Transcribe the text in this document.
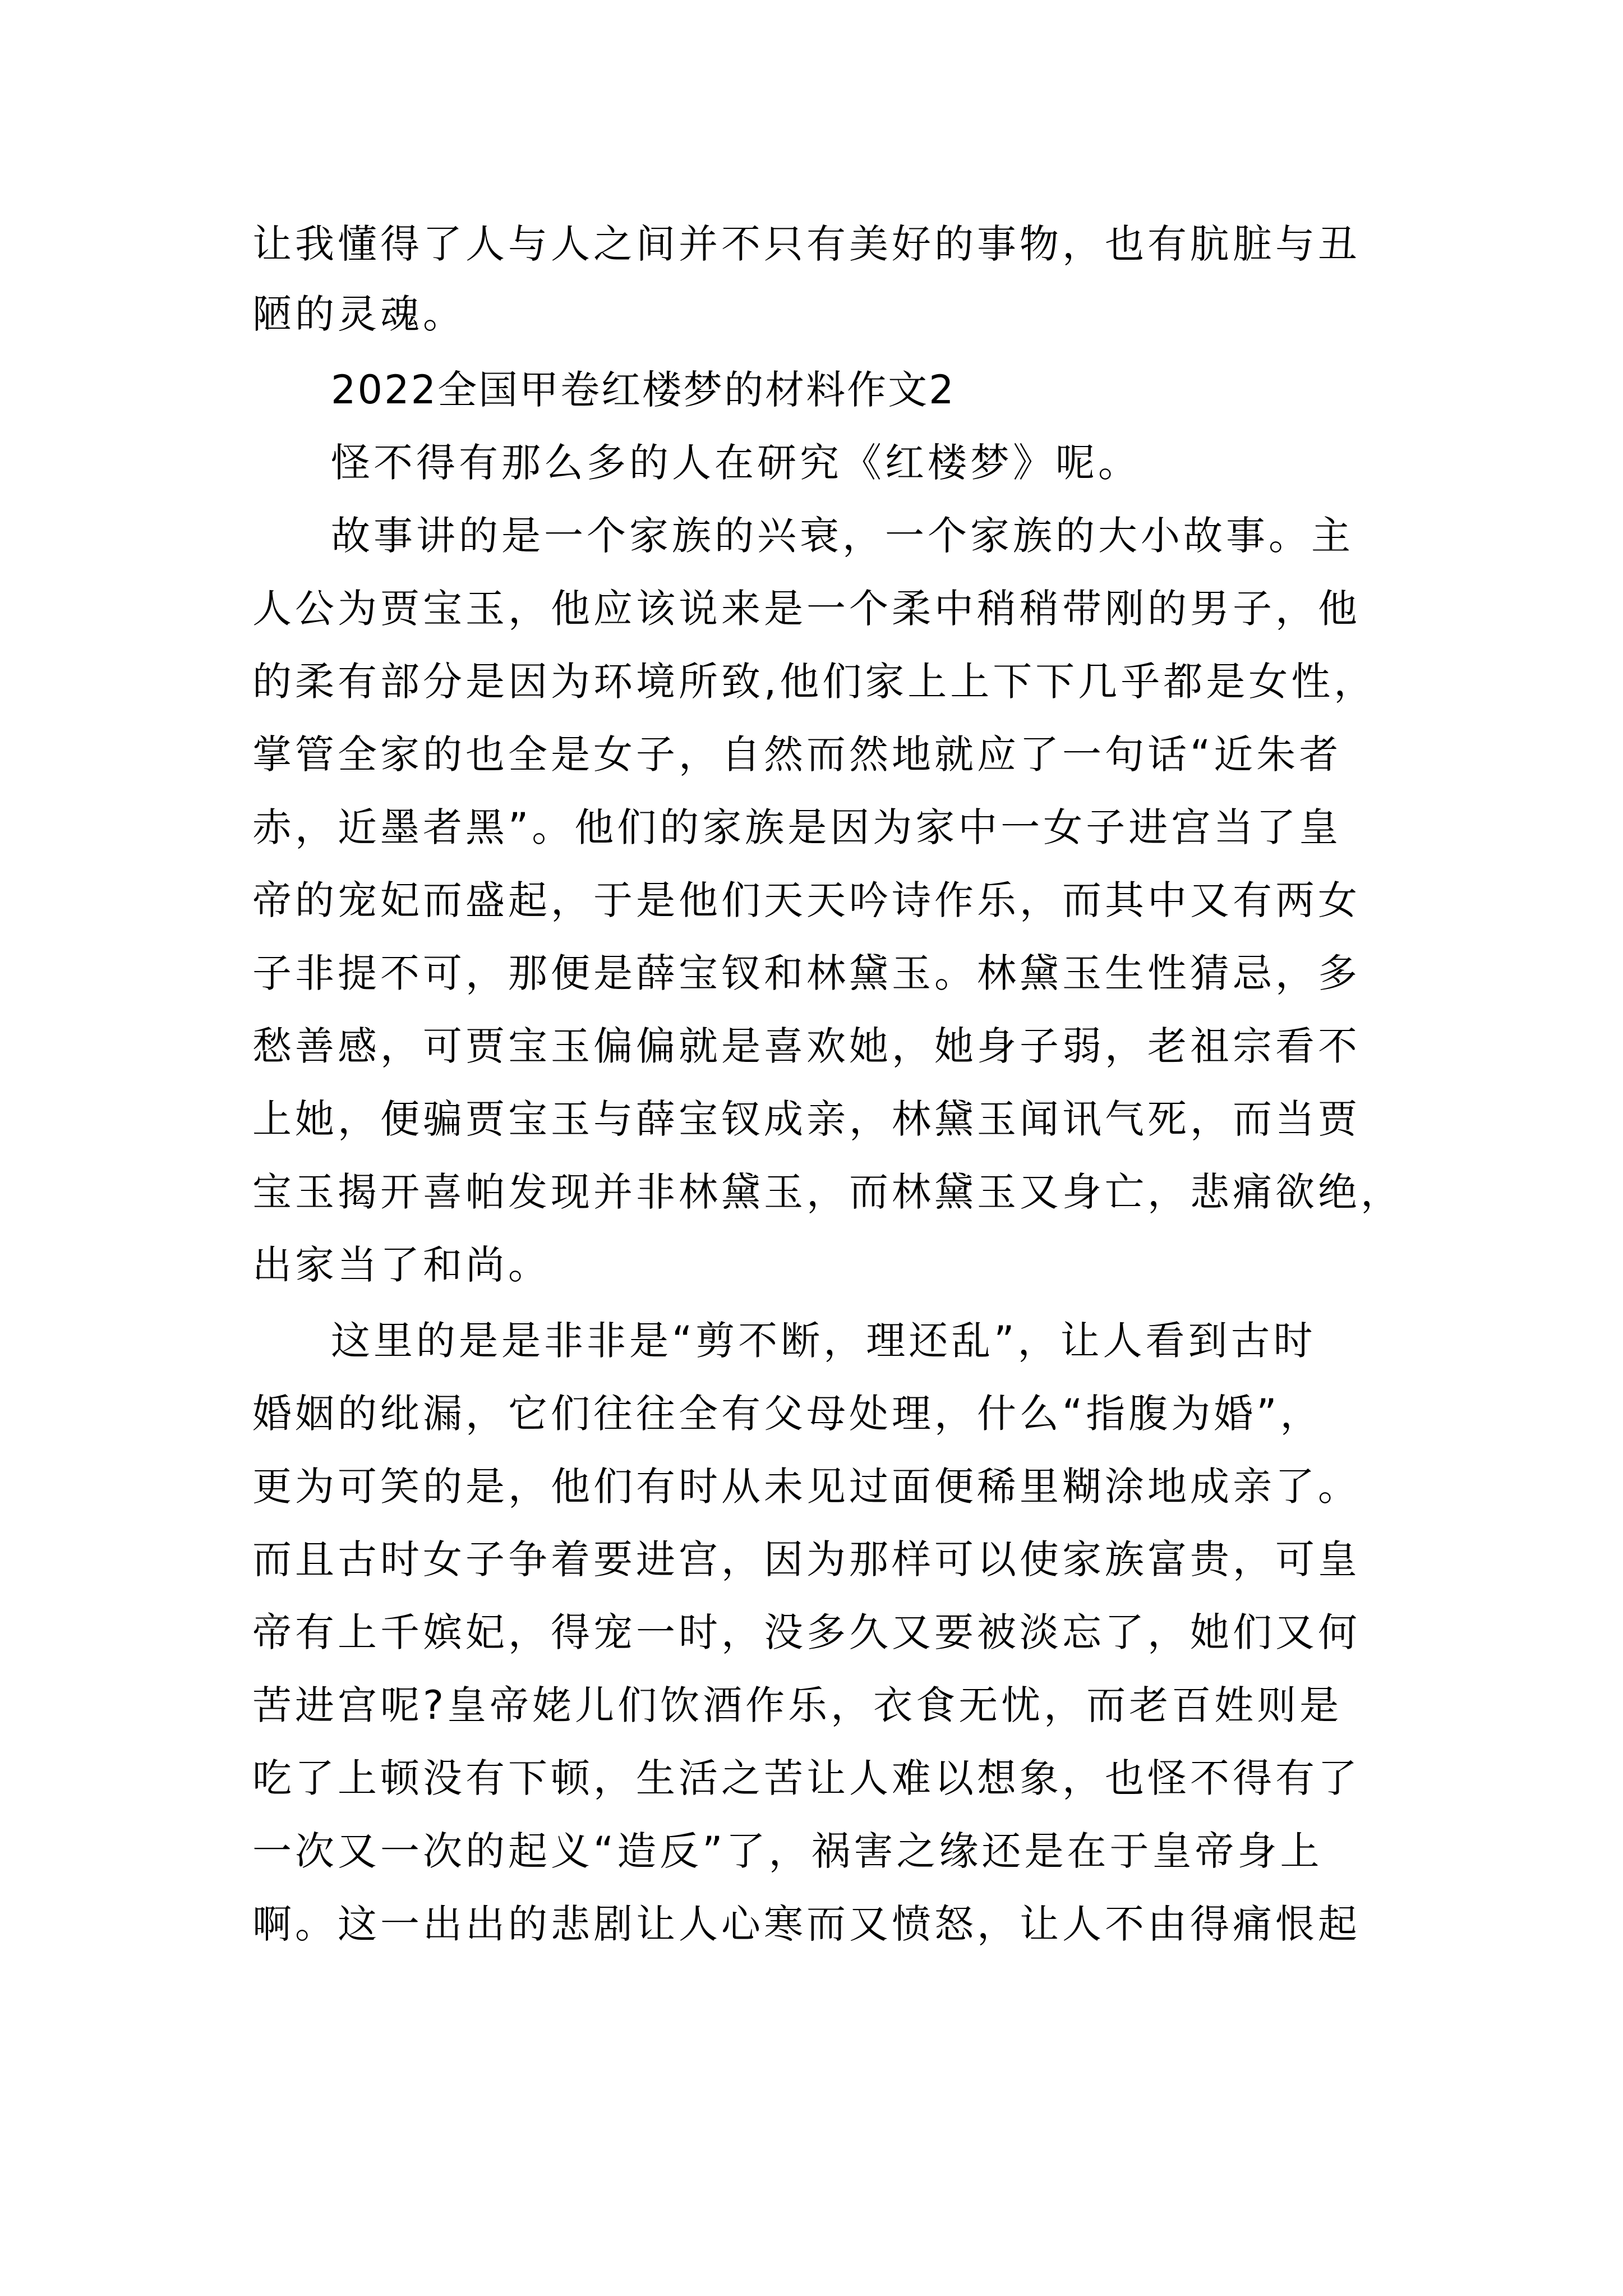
让我懂得了人与人之间并不只有美好的事物，也有肮脏与丑
陋的灵魂。
2022全国甲卷红楼梦的材料作文2
怪不得有那么多的人在研究《红楼梦》呢。
故事讲的是一个家族的兴衰，一个家族的大小故事。主
人公为贾宝玉，他应该说来是一个柔中稍稍带刚的男子，他
的柔有部分是因为环境所致,他们家上上下下几乎都是女性，
掌管全家的也全是女子，自然而然地就应了一句话“近朱者
赤，近墨者黑”。他们的家族是因为家中一女子进宫当了皇
帝的宠妃而盛起，于是他们天天吟诗作乐，而其中又有两女
子非提不可，那便是薛宝钗和林黛玉。林黛玉生性猜忌，多
愁善感，可贾宝玉偏偏就是喜欢她，她身子弱，老祖宗看不
上她，便骗贾宝玉与薛宝钗成亲，林黛玉闻讯气死，而当贾
宝玉揭开喜帕发现并非林黛玉，而林黛玉又身亡，悲痛欲绝，
出家当了和尚。
这里的是是非非是“剪不断，理还乱”，让人看到古时
婚姻的纰漏，它们往往全有父母处理，什么“指腹为婚”，
更为可笑的是，他们有时从未见过面便稀里糊涂地成亲了。
而且古时女子争着要进宫，因为那样可以使家族富贵，可皇
帝有上千嫔妃，得宠一时，没多久又要被淡忘了，她们又何
苦进宫呢?皇帝姥儿们饮酒作乐，衣食无忧，而老百姓则是
吃了上顿没有下顿，生活之苦让人难以想象，也怪不得有了
一次又一次的起义“造反”了，祸害之缘还是在于皇帝身上
啊。这一出出的悲剧让人心寒而又愤怒，让人不由得痛恨起
